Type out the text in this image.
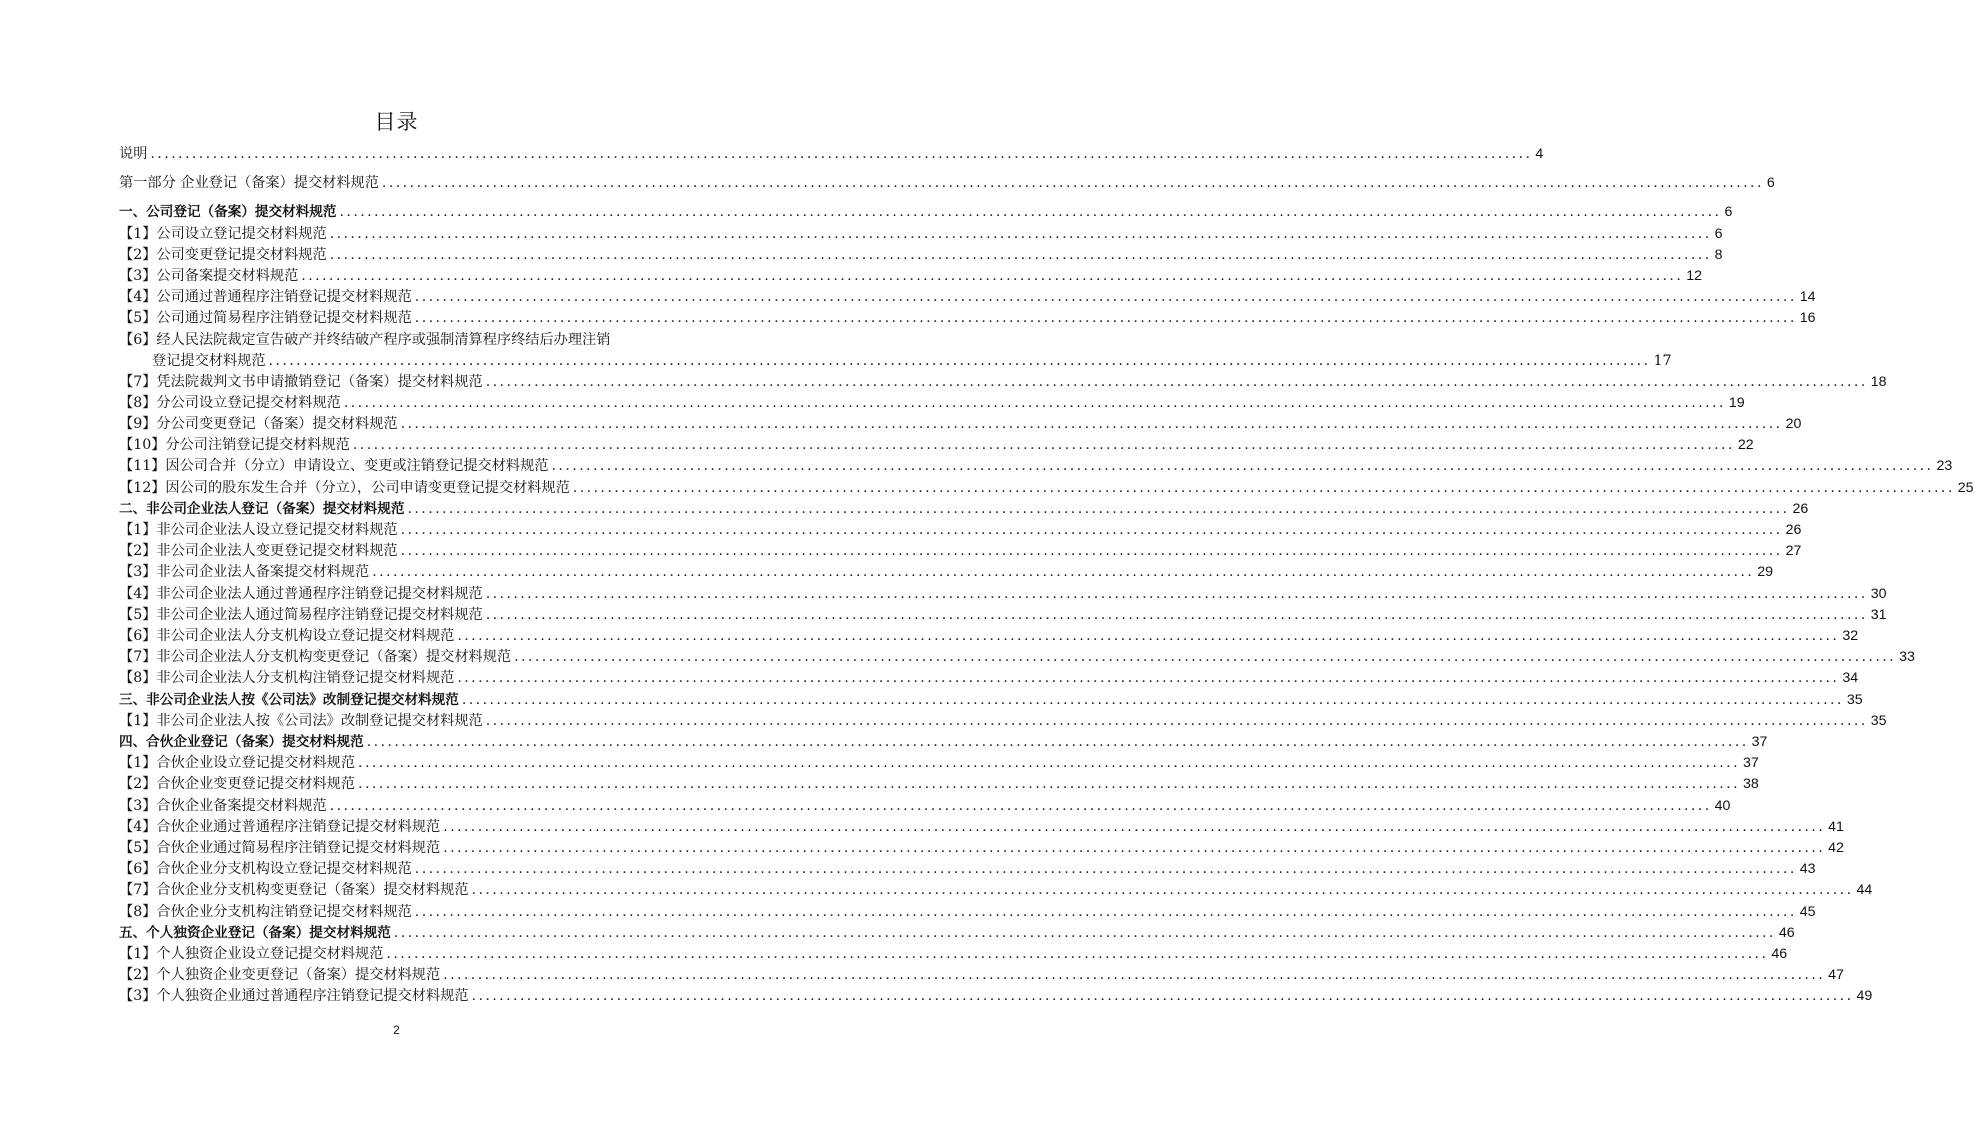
目录
说明 ........................................................................................................................................................................................................ 4
第一部分 企业登记（备案）提交材料规范 ........................................................................................................................................................................................................ 6
一、公司登记（备案）提交材料规范 ........................................................................................................................................................................................................ 6
【1】公司设立登记提交材料规范 ........................................................................................................................................................................................................ 6
【2】公司变更登记提交材料规范 ........................................................................................................................................................................................................ 8
【3】公司备案提交材料规范 ........................................................................................................................................................................................................ 12
【4】公司通过普通程序注销登记提交材料规范 ........................................................................................................................................................................................................ 14
【5】公司通过简易程序注销登记提交材料规范 ........................................................................................................................................................................................................ 16
【6】经人民法院裁定宣告破产并终结破产程序或强制清算程序终结后办理注销
登记提交材料规范 ........................................................................................................................................................................................................ 17
【7】凭法院裁判文书申请撤销登记（备案）提交材料规范 ........................................................................................................................................................................................................ 18
【8】分公司设立登记提交材料规范 ........................................................................................................................................................................................................ 19
【9】分公司变更登记（备案）提交材料规范 ........................................................................................................................................................................................................ 20
【10】分公司注销登记提交材料规范 ........................................................................................................................................................................................................ 22
【11】因公司合并（分立）申请设立、变更或注销登记提交材料规范 ........................................................................................................................................................................................................ 23
【12】因公司的股东发生合并（分立），公司申请变更登记提交材料规范 ........................................................................................................................................................................................................ 25
二、非公司企业法人登记（备案）提交材料规范 ........................................................................................................................................................................................................ 26
【1】非公司企业法人设立登记提交材料规范 ........................................................................................................................................................................................................ 26
【2】非公司企业法人变更登记提交材料规范 ........................................................................................................................................................................................................ 27
【3】非公司企业法人备案提交材料规范 ........................................................................................................................................................................................................ 29
【4】非公司企业法人通过普通程序注销登记提交材料规范 ........................................................................................................................................................................................................ 30
【5】非公司企业法人通过简易程序注销登记提交材料规范 ........................................................................................................................................................................................................ 31
【6】非公司企业法人分支机构设立登记提交材料规范 ........................................................................................................................................................................................................ 32
【7】非公司企业法人分支机构变更登记（备案）提交材料规范 ........................................................................................................................................................................................................ 33
【8】非公司企业法人分支机构注销登记提交材料规范 ........................................................................................................................................................................................................ 34
三、非公司企业法人按《公司法》改制登记提交材料规范 ........................................................................................................................................................................................................ 35
【1】非公司企业法人按《公司法》改制登记提交材料规范 ........................................................................................................................................................................................................ 35
四、合伙企业登记（备案）提交材料规范 ........................................................................................................................................................................................................ 37
【1】合伙企业设立登记提交材料规范 ........................................................................................................................................................................................................ 37
【2】合伙企业变更登记提交材料规范 ........................................................................................................................................................................................................ 38
【3】合伙企业备案提交材料规范 ........................................................................................................................................................................................................ 40
【4】合伙企业通过普通程序注销登记提交材料规范 ........................................................................................................................................................................................................ 41
【5】合伙企业通过简易程序注销登记提交材料规范 ........................................................................................................................................................................................................ 42
【6】合伙企业分支机构设立登记提交材料规范 ........................................................................................................................................................................................................ 43
【7】合伙企业分支机构变更登记（备案）提交材料规范 ........................................................................................................................................................................................................ 44
【8】合伙企业分支机构注销登记提交材料规范 ........................................................................................................................................................................................................ 45
五、个人独资企业登记（备案）提交材料规范 ........................................................................................................................................................................................................ 46
【1】个人独资企业设立登记提交材料规范 ........................................................................................................................................................................................................ 46
【2】个人独资企业变更登记（备案）提交材料规范 ........................................................................................................................................................................................................ 47
【3】个人独资企业通过普通程序注销登记提交材料规范 ........................................................................................................................................................................................................ 49
2
